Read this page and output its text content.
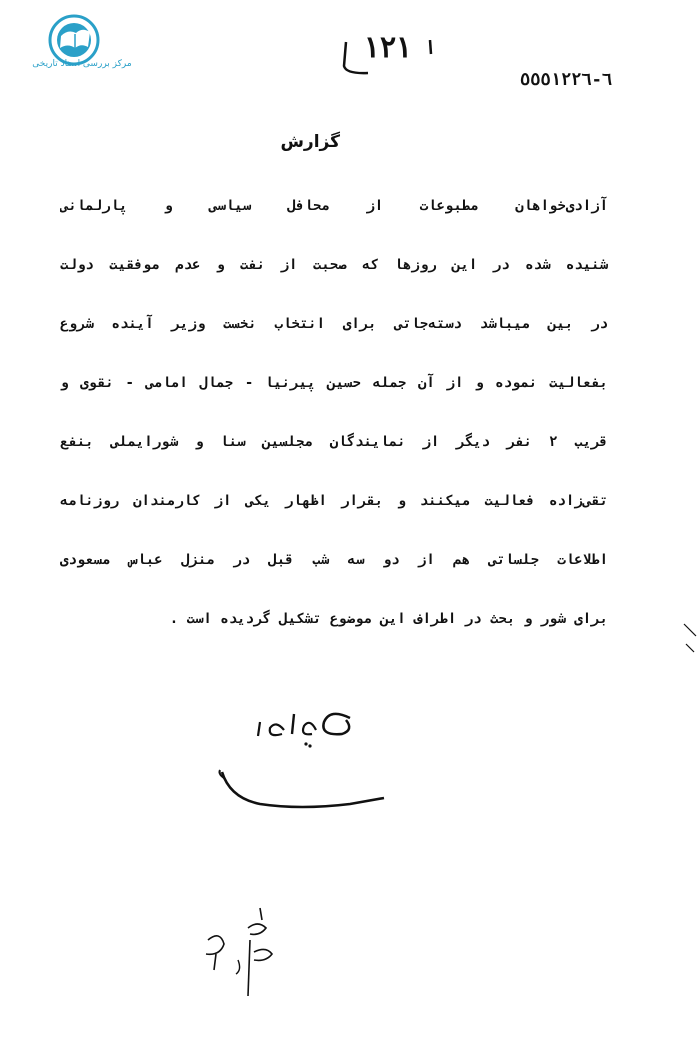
مرکز بررسی اسناد تاریخی	١٢١
٦-٥٥٥١٢٢٦
گزارش
آزادی‌خواهان مطبوعات از محافل سیاسی و پارلمانی
شنیده شده در این روزها که صحبت از نفت و عدم موفقیت دولت
در بین میباشد دسته‌جاتی برای انتخاب نخست وزیر آینده شروع
بفعالیت نموده و از آن جمله حسین پیرنیا - جمال امامی - نقوی و
قریب ۲ نفر دیگر از نمایندگان مجلسین سنا و شورایملی بنفع
تقی‌زاده فعالیت میکنند و بقرار اظهار یکی از کارمندان روزنامه
اطلاعات جلساتی هم از دو سه شب قبل در منزل عباس مسعودی
برای شور و بحث در اطراف این موضوع تشکیل گردیده است .
